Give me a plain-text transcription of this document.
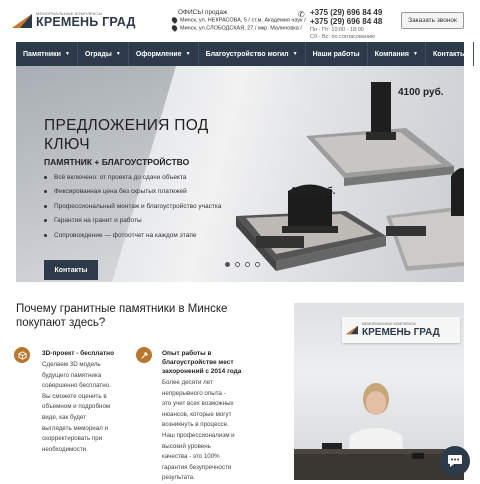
МЕМОРИАЛЬНЫЕ КОМПЛЕКСЫ
КРЕМЕНЬ ГРАД
ОФИСЫ продаж
Минск, ул. НЕКРАСОВА, 5 / ст.м. Академия наук /
Минск, ул.СЛОБОДСКАЯ, 27 / мкр. Малиновка /
✆ +375 (29) 696 84 49
+375 (29) 696 84 48
Пн - Пт: 10:00 - 18:00
Сб - Вс: по согласованию
Заказать звонок
Памятники ▼ Ограды ▼ Оформление ▼ Благоустройство могил ▼ Наши работы Компания ▼ Контакты
4100 руб.
4700 руб.
ПРЕДЛОЖЕНИЯ ПОД
КЛЮЧ
ПАМЯТНИК + БЛАГОУСТРОЙСТВО
Всё включено: от проекта до сдачи объекта
Фиксированная цена без скрытых платежей
Профессиональный монтаж и благоустройство участка
Гарантия на гранит и работы
Сопровождение — фотоотчет на каждом этапе
Контакты
Почему гранитные памятники в Минске
покупают здесь?
3D-проект - бесплатно
Сделаем 3D модель
будущего памятника
совершенно бесплатно.
Вы сможете оценить в
объемном и подробном
виде, как будет
выглядеть мемориал и
скорректировать при
необходимости.
Опыт работы в
благоустройстве мест
захоронений с 2014 года
Более десяти лет
непрерывного опыта -
это учет всех возможных
нюансов, которые могут
возникнуть в процессе.
Наш профессионализм и
высокий уровень
качества - это 100%
гарантия безупречности
результата.
МЕМОРИАЛЬНЫЕ КОМПЛЕКСЫ
КРЕМЕНЬ ГРАД
